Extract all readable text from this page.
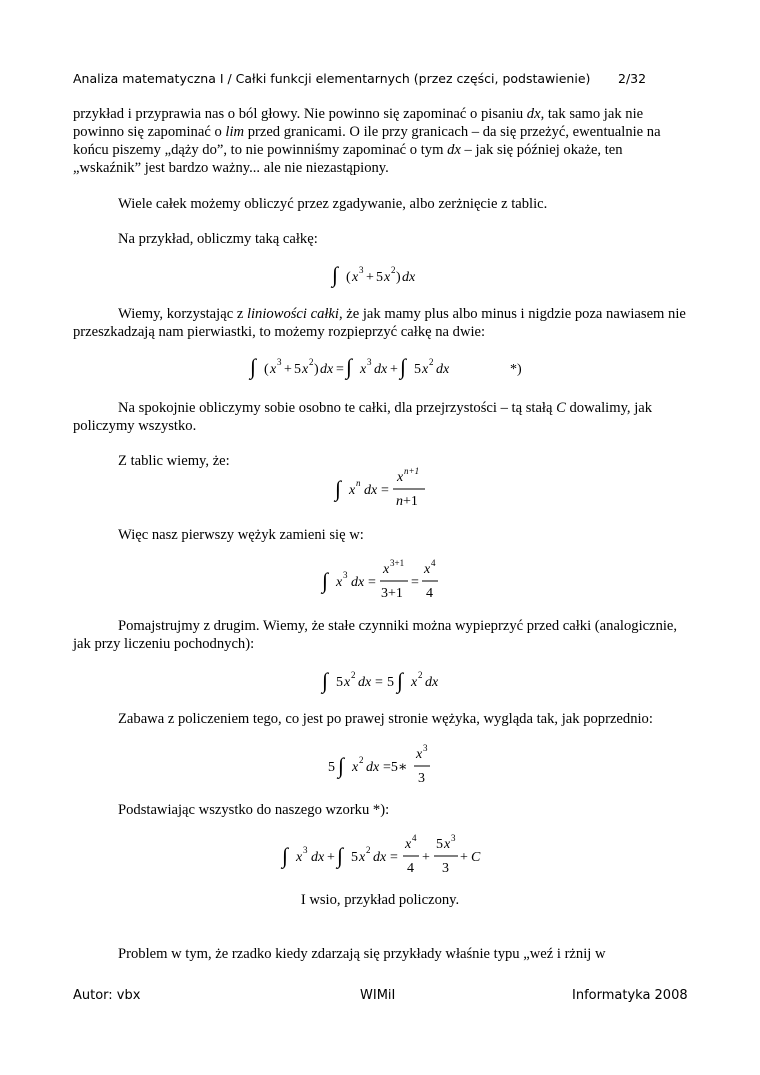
Analiza matematyczna I / Całki funkcji elementarnych (przez części, podstawienie) 2/32
przykład i przyprawia nas o ból głowy. Nie powinno się zapominać o pisaniu dx, tak samo jak nie powinno się zapominać o lim przed granicami. O ile przy granicach – da się przeżyć, ewentualnie na końcu piszemy „dąży do”, to nie powinniśmy zapominać o tym dx – jak się później okaże, ten „wskaźnik” jest bardzo ważny... ale nie niezastąpiony.
Wiele całek możemy obliczyć przez zgadywanie, albo zerżnięcie z tablic.
Na przykład, obliczmy taką całkę:
∫ ( x 3 + 5 x 2 ) dx
Wiemy, korzystając z liniowości całki, że jak mamy plus albo minus i nigdzie poza nawiasem nie przeszkadzają nam pierwiastki, to możemy rozpieprzyć całkę na dwie:
∫ ( x 3 + 5 x 2 ) dx = ∫ x 3 dx + ∫ 5 x 2 dx	*)
Na spokojnie obliczymy sobie osobno te całki, dla przejrzystości – tą stałą C dowalimy, jak policzymy wszystko.
Z tablic wiemy, że:
∫ x n dx =
x n+1
n+1
Więc nasz pierwszy wężyk zamieni się w:
∫ x 3 dx =
x 3+1
3+1
=
x 4
4
Pomajstrujmy z drugim. Wiemy, że stałe czynniki można wypieprzyć przed całki (analogicznie, jak przy liczeniu pochodnych):
∫ 5 x 2 dx = 5 ∫ x 2 dx
Zabawa z policzeniem tego, co jest po prawej stronie wężyka, wygląda tak, jak poprzednio:
5 ∫ x 2 dx =5∗
x 3
3
Podstawiając wszystko do naszego wzorku *):
∫ x 3 dx + ∫ 5 x 2 dx =
x 4
4
+
5 x 3
3
+ C
I wsio, przykład policzony.
Problem w tym, że rzadko kiedy zdarzają się przykłady właśnie typu „weź i rżnij w
Autor: vbx	WIMiI	Informatyka 2008
